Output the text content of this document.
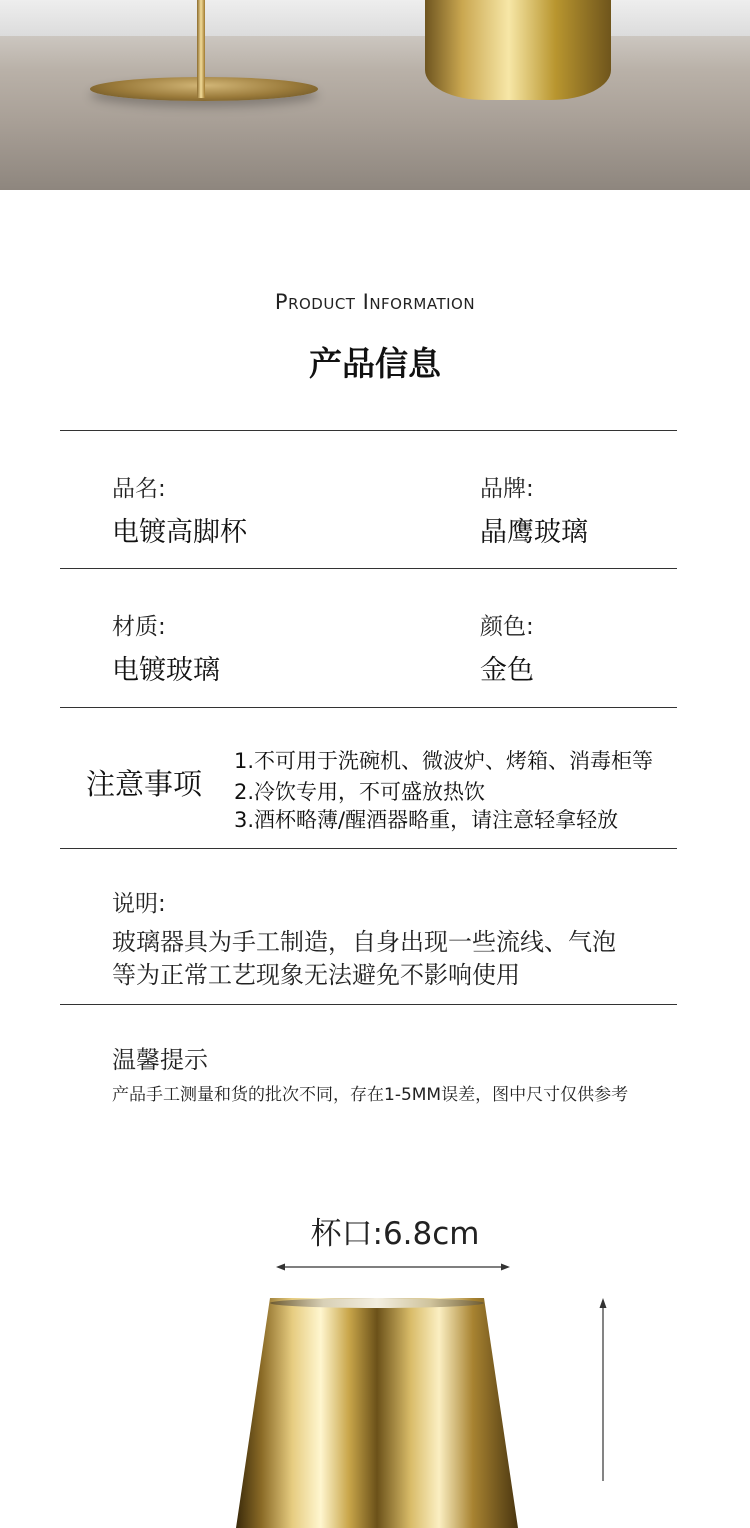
Product Information
产品信息
品名:
电镀高脚杯
品牌:
晶鹰玻璃
材质:
电镀玻璃
颜色:
金色
注意事项
1.不可用于洗碗机、微波炉、烤箱、消毒柜等
2.冷饮专用，不可盛放热饮
3.酒杯略薄/醒酒器略重，请注意轻拿轻放
说明:
玻璃器具为手工制造，自身出现一些流线、气泡
等为正常工艺现象无法避免不影响使用
温馨提示
产品手工测量和货的批次不同，存在1-5MM误差，图中尺寸仅供参考
杯口:6.8cm
